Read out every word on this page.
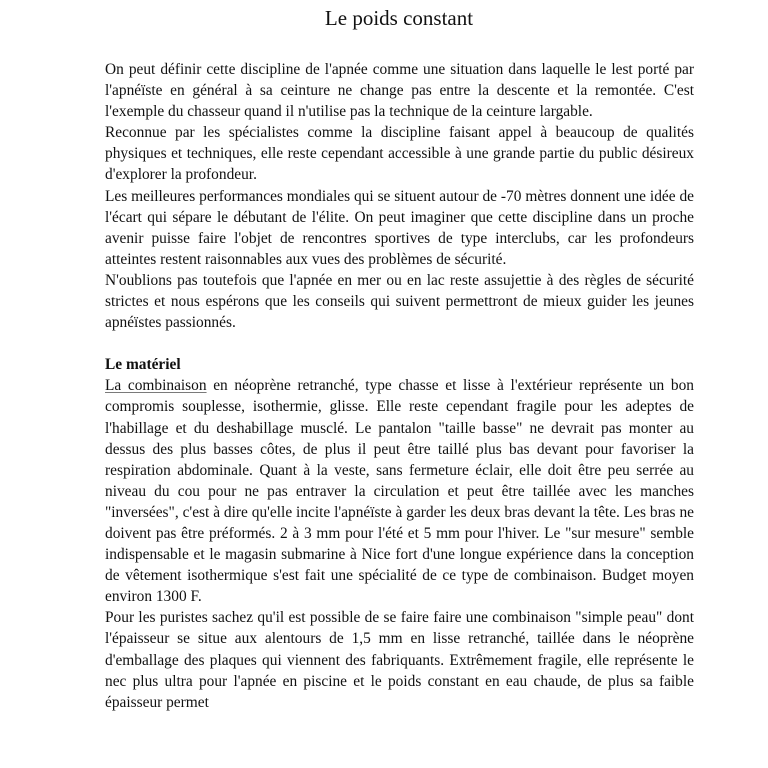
Le poids constant

On peut définir cette discipline de l'apnée comme une situation dans laquelle le lest porté par l'apnéïste en général à sa ceinture ne change pas entre la descente et la remontée. C'est l'exemple du chasseur quand il n'utilise pas la technique de la ceinture largable.

Reconnue par les spécialistes comme la discipline faisant appel à beaucoup de qualités physiques et techniques, elle reste cependant accessible à une grande partie du public désireux d'explorer la profondeur.

Les meilleures performances mondiales qui se situent autour de -70 mètres donnent une idée de l'écart qui sépare le débutant de l'élite. On peut imaginer que cette discipline dans un proche avenir puisse faire l'objet de rencontres sportives de type interclubs, car les profondeurs atteintes restent raisonnables aux vues des problèmes de sécurité.

N'oublions pas toutefois que l'apnée en mer ou en lac reste assujettie à des règles de sécurité strictes et nous espérons que les conseils qui suivent permettront de mieux guider les jeunes apnéïstes passionnés.

Le matériel

La combinaison en néoprène retranché, type chasse et lisse à l'extérieur représente un bon compromis souplesse, isothermie, glisse. Elle reste cependant fragile pour les adeptes de l'habillage et du deshabillage musclé. Le pantalon "taille basse" ne devrait pas monter au dessus des plus basses côtes, de plus il peut être taillé plus bas devant pour favoriser la respiration abdominale. Quant à la veste, sans fermeture éclair, elle doit être peu serrée au niveau du cou pour ne pas entraver la circulation et peut être taillée avec les manches "inversées", c'est à dire qu'elle incite l'apnéïste à garder les deux bras devant la tête. Les bras ne doivent pas être préformés. 2 à 3 mm pour l'été et 5 mm pour l'hiver. Le "sur mesure" semble indispensable et le magasin submarine à Nice fort d'une longue expérience dans la conception de vêtement isothermique s'est fait une spécialité de ce type de combinaison. Budget moyen environ 1300 F.

Pour les puristes sachez qu'il est possible de se faire faire une combinaison "simple peau" dont l'épaisseur se situe aux alentours de 1,5 mm en lisse retranché, taillée dans le néoprène d'emballage des plaques qui viennent des fabriquants. Extrêmement fragile, elle représente le nec plus ultra pour l'apnée en piscine et le poids constant en eau chaude, de plus sa faible épaisseur permet
